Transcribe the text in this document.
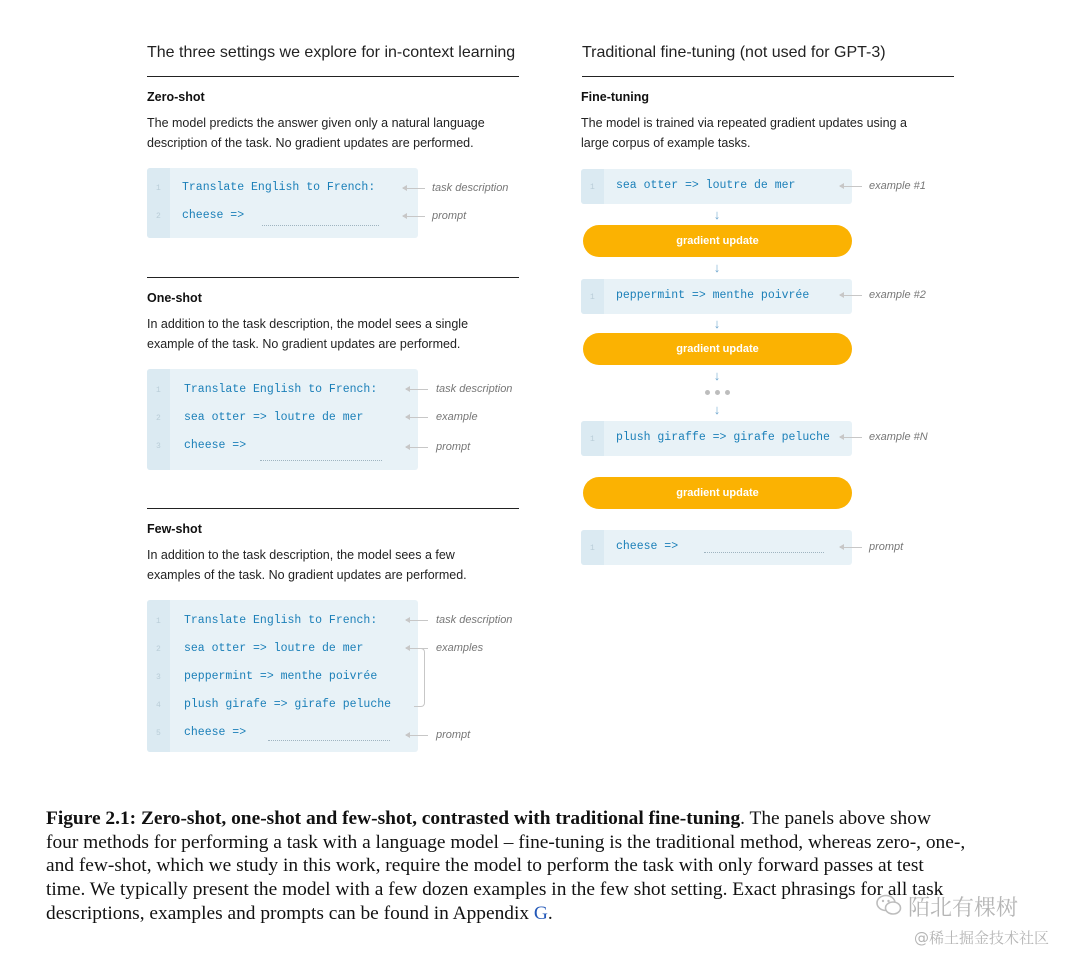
The three settings we explore for in-context learning
Zero-shot
The model predicts the answer given only a natural language
description of the task. No gradient updates are performed.
1 Translate English to French:
2 cheese =>
task description
prompt
One-shot
In addition to the task description, the model sees a single
example of the task. No gradient updates are performed.
1 Translate English to French:
2 sea otter => loutre de mer
3 cheese =>
task description
example
prompt
Few-shot
In addition to the task description, the model sees a few
examples of the task. No gradient updates are performed.
1 Translate English to French:
2 sea otter => loutre de mer
3 peppermint => menthe poivrée
4 plush girafe => girafe peluche
5 cheese =>
task description
examples
prompt
Traditional fine-tuning (not used for GPT-3)
Fine-tuning
The model is trained via repeated gradient updates using a
large corpus of example tasks.
1 sea otter => loutre de mer	example #1
↓
gradient update
↓
1 peppermint => menthe poivrée	example #2
↓
gradient update
↓
↓
1 plush giraffe => girafe peluche	example #N
gradient update
1 cheese =>	prompt
Figure 2.1: Zero-shot, one-shot and few-shot, contrasted with traditional fine-tuning. The panels above show
four methods for performing a task with a language model – fine-tuning is the traditional method, whereas zero-, one-,
and few-shot, which we study in this work, require the model to perform the task with only forward passes at test
time. We typically present the model with a few dozen examples in the few shot setting. Exact phrasings for all task
descriptions, examples and prompts can be found in Appendix G.	陌北有棵树
@稀土掘金技术社区
